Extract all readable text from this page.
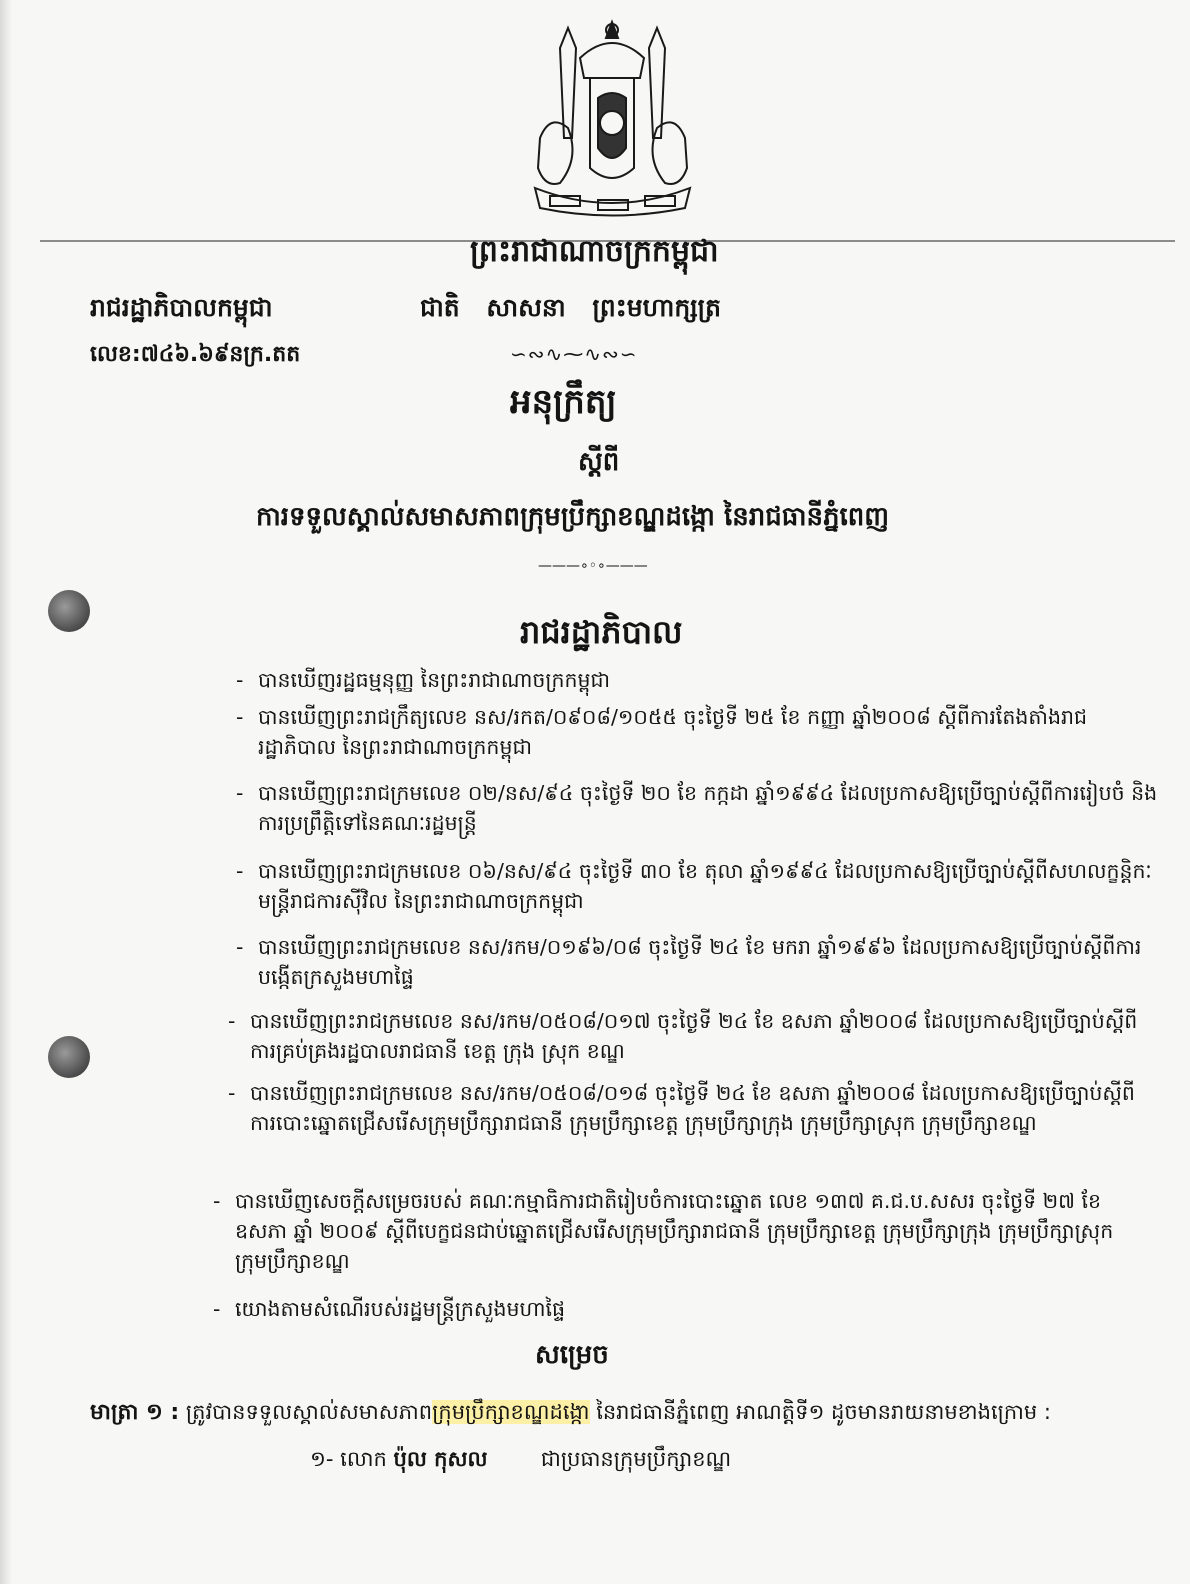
ព្រះរាជាណាចក្រកម្ពុជា
រាជរដ្ឋាភិបាលកម្ពុជា	ជាតិ សាសនា ព្រះមហាក្សត្រ
លេខ:៧៤៦.៦៩នក្រ.តត	∽∾∿⁓∿∾∽
អនុក្រឹត្យ
ស្ដីពី
ការទទួលស្គាល់សមាសភាពក្រុមប្រឹក្សាខណ្ឌដង្កោ នៃរាជធានីភ្នំពេញ
———∘◦∘———
រាជរដ្ឋាភិបាល
- បានឃើញរដ្ឋធម្មនុញ្ញ នៃព្រះរាជាណាចក្រកម្ពុជា
- បានឃើញព្រះរាជក្រឹត្យលេខ នស/រកត/០៩០៨/១០៥៥ ចុះថ្ងៃទី ២៥ ខែ កញ្ញា ឆ្នាំ២០០៨ ស្ដីពីការតែងតាំងរាជរដ្ឋាភិបាល នៃព្រះរាជាណាចក្រកម្ពុជា
- បានឃើញព្រះរាជក្រមលេខ ០២/នស/៩៤ ចុះថ្ងៃទី ២០ ខែ កក្កដា ឆ្នាំ១៩៩៤ ដែលប្រកាសឱ្យប្រើច្បាប់ស្ដីពីការរៀបចំ និងការប្រព្រឹត្តិទៅនៃគណៈរដ្ឋមន្ត្រី
- បានឃើញព្រះរាជក្រមលេខ ០៦/នស/៩៤ ចុះថ្ងៃទី ៣០ ខែ តុលា ឆ្នាំ១៩៩៤ ដែលប្រកាសឱ្យប្រើច្បាប់ស្ដីពីសហលក្ខន្តិកៈមន្ត្រីរាជការស៊ីវិល នៃព្រះរាជាណាចក្រកម្ពុជា
- បានឃើញព្រះរាជក្រមលេខ នស/រកម/០១៩៦/០៨ ចុះថ្ងៃទី ២៤ ខែ មករា ឆ្នាំ១៩៩៦ ដែលប្រកាសឱ្យប្រើច្បាប់ស្ដីពីការបង្កើតក្រសួងមហាផ្ទៃ
- បានឃើញព្រះរាជក្រមលេខ នស/រកម/០៥០៨/០១៧ ចុះថ្ងៃទី ២៤ ខែ ឧសភា ឆ្នាំ២០០៨ ដែលប្រកាសឱ្យប្រើច្បាប់ស្ដីពីការគ្រប់គ្រងរដ្ឋបាលរាជធានី ខេត្ត ក្រុង ស្រុក ខណ្ឌ
- បានឃើញព្រះរាជក្រមលេខ នស/រកម/០៥០៨/០១៨ ចុះថ្ងៃទី ២៤ ខែ ឧសភា ឆ្នាំ២០០៨ ដែលប្រកាសឱ្យប្រើច្បាប់ស្ដីពីការបោះឆ្នោតជ្រើសរើសក្រុមប្រឹក្សារាជធានី ក្រុមប្រឹក្សាខេត្ត ក្រុមប្រឹក្សាក្រុង ក្រុមប្រឹក្សាស្រុក ក្រុមប្រឹក្សាខណ្ឌ
- បានឃើញសេចក្ដីសម្រេចរបស់ គណៈកម្មាធិការជាតិរៀបចំការបោះឆ្នោត លេខ ១៣៧ គ.ជ.ប.សសរ ចុះថ្ងៃទី ២៧ ខែ ឧសភា ឆ្នាំ ២០០៩ ស្ដីពីបេក្ខជនជាប់ឆ្នោតជ្រើសរើសក្រុមប្រឹក្សារាជធានី ក្រុមប្រឹក្សាខេត្ត ក្រុមប្រឹក្សាក្រុង ក្រុមប្រឹក្សាស្រុក ក្រុមប្រឹក្សាខណ្ឌ
- យោងតាមសំណើរបស់រដ្ឋមន្ត្រីក្រសួងមហាផ្ទៃ
សម្រេច
មាត្រា ១ : ត្រូវបានទទួលស្គាល់សមាសភាពក្រុមប្រឹក្សាខណ្ឌដង្កោ នៃរាជធានីភ្នំពេញ អាណត្តិទី១ ដូចមានរាយនាមខាងក្រោម :
១- លោក ប៉ុល កុសល	ជាប្រធានក្រុមប្រឹក្សាខណ្ឌ
